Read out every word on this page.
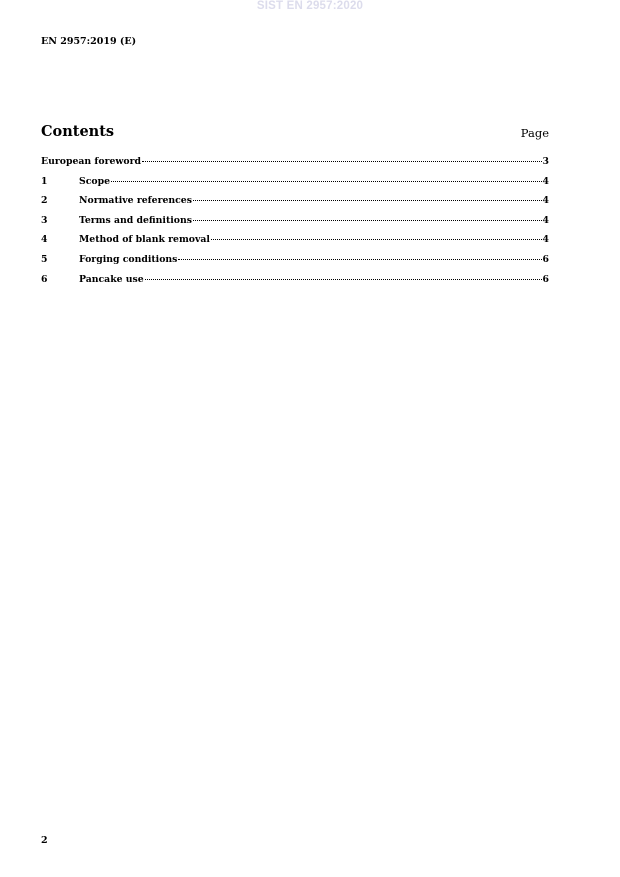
SIST EN 2957:2020
EN 2957:2019 (E)
Contents	Page
European foreword	3
1	Scope	4
2	Normative references	4
3	Terms and definitions	4
4	Method of blank removal	4
5	Forging conditions	6
6	Pancake use	6
2
